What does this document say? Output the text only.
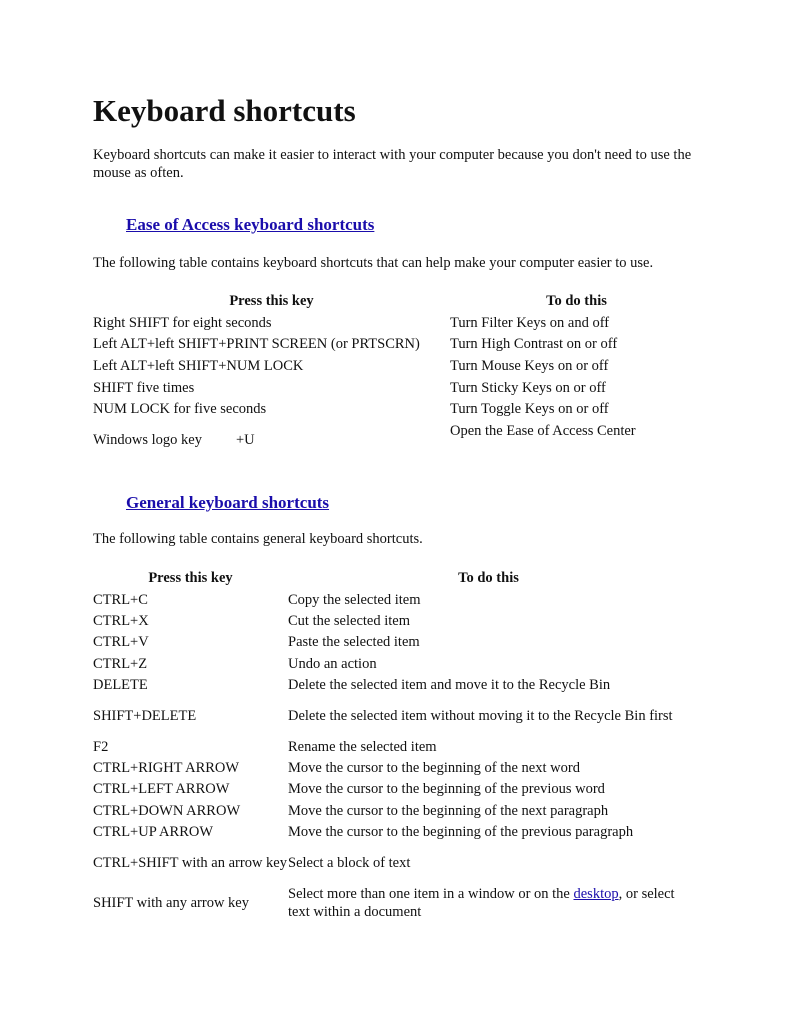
Keyboard shortcuts

Keyboard shortcuts can make it easier to interact with your computer because you don't need to use the mouse as often.

Ease of Access keyboard shortcuts

The following table contains keyboard shortcuts that can help make your computer easier to use.

Press this key	To do this
Right SHIFT for eight seconds	Turn Filter Keys on and off
Left ALT+left SHIFT+PRINT SCREEN (or PRTSCRN)	Turn High Contrast on or off
Left ALT+left SHIFT+NUM LOCK	Turn Mouse Keys on or off
SHIFT five times	Turn Sticky Keys on or off
NUM LOCK for five seconds	Turn Toggle Keys on or off
Windows logo key +U	Open the Ease of Access Center
General keyboard shortcuts

The following table contains general keyboard shortcuts.

Press this key	To do this
CTRL+C	Copy the selected item
CTRL+X	Cut the selected item
CTRL+V	Paste the selected item
CTRL+Z	Undo an action
DELETE	Delete the selected item and move it to the Recycle Bin
SHIFT+DELETE	Delete the selected item without moving it to the Recycle Bin first
F2	Rename the selected item
CTRL+RIGHT ARROW	Move the cursor to the beginning of the next word
CTRL+LEFT ARROW	Move the cursor to the beginning of the previous word
CTRL+DOWN ARROW	Move the cursor to the beginning of the next paragraph
CTRL+UP ARROW	Move the cursor to the beginning of the previous paragraph
CTRL+SHIFT with an arrow key	Select a block of text
SHIFT with any arrow key	Select more than one item in a window or on the desktop, or select text within a document
